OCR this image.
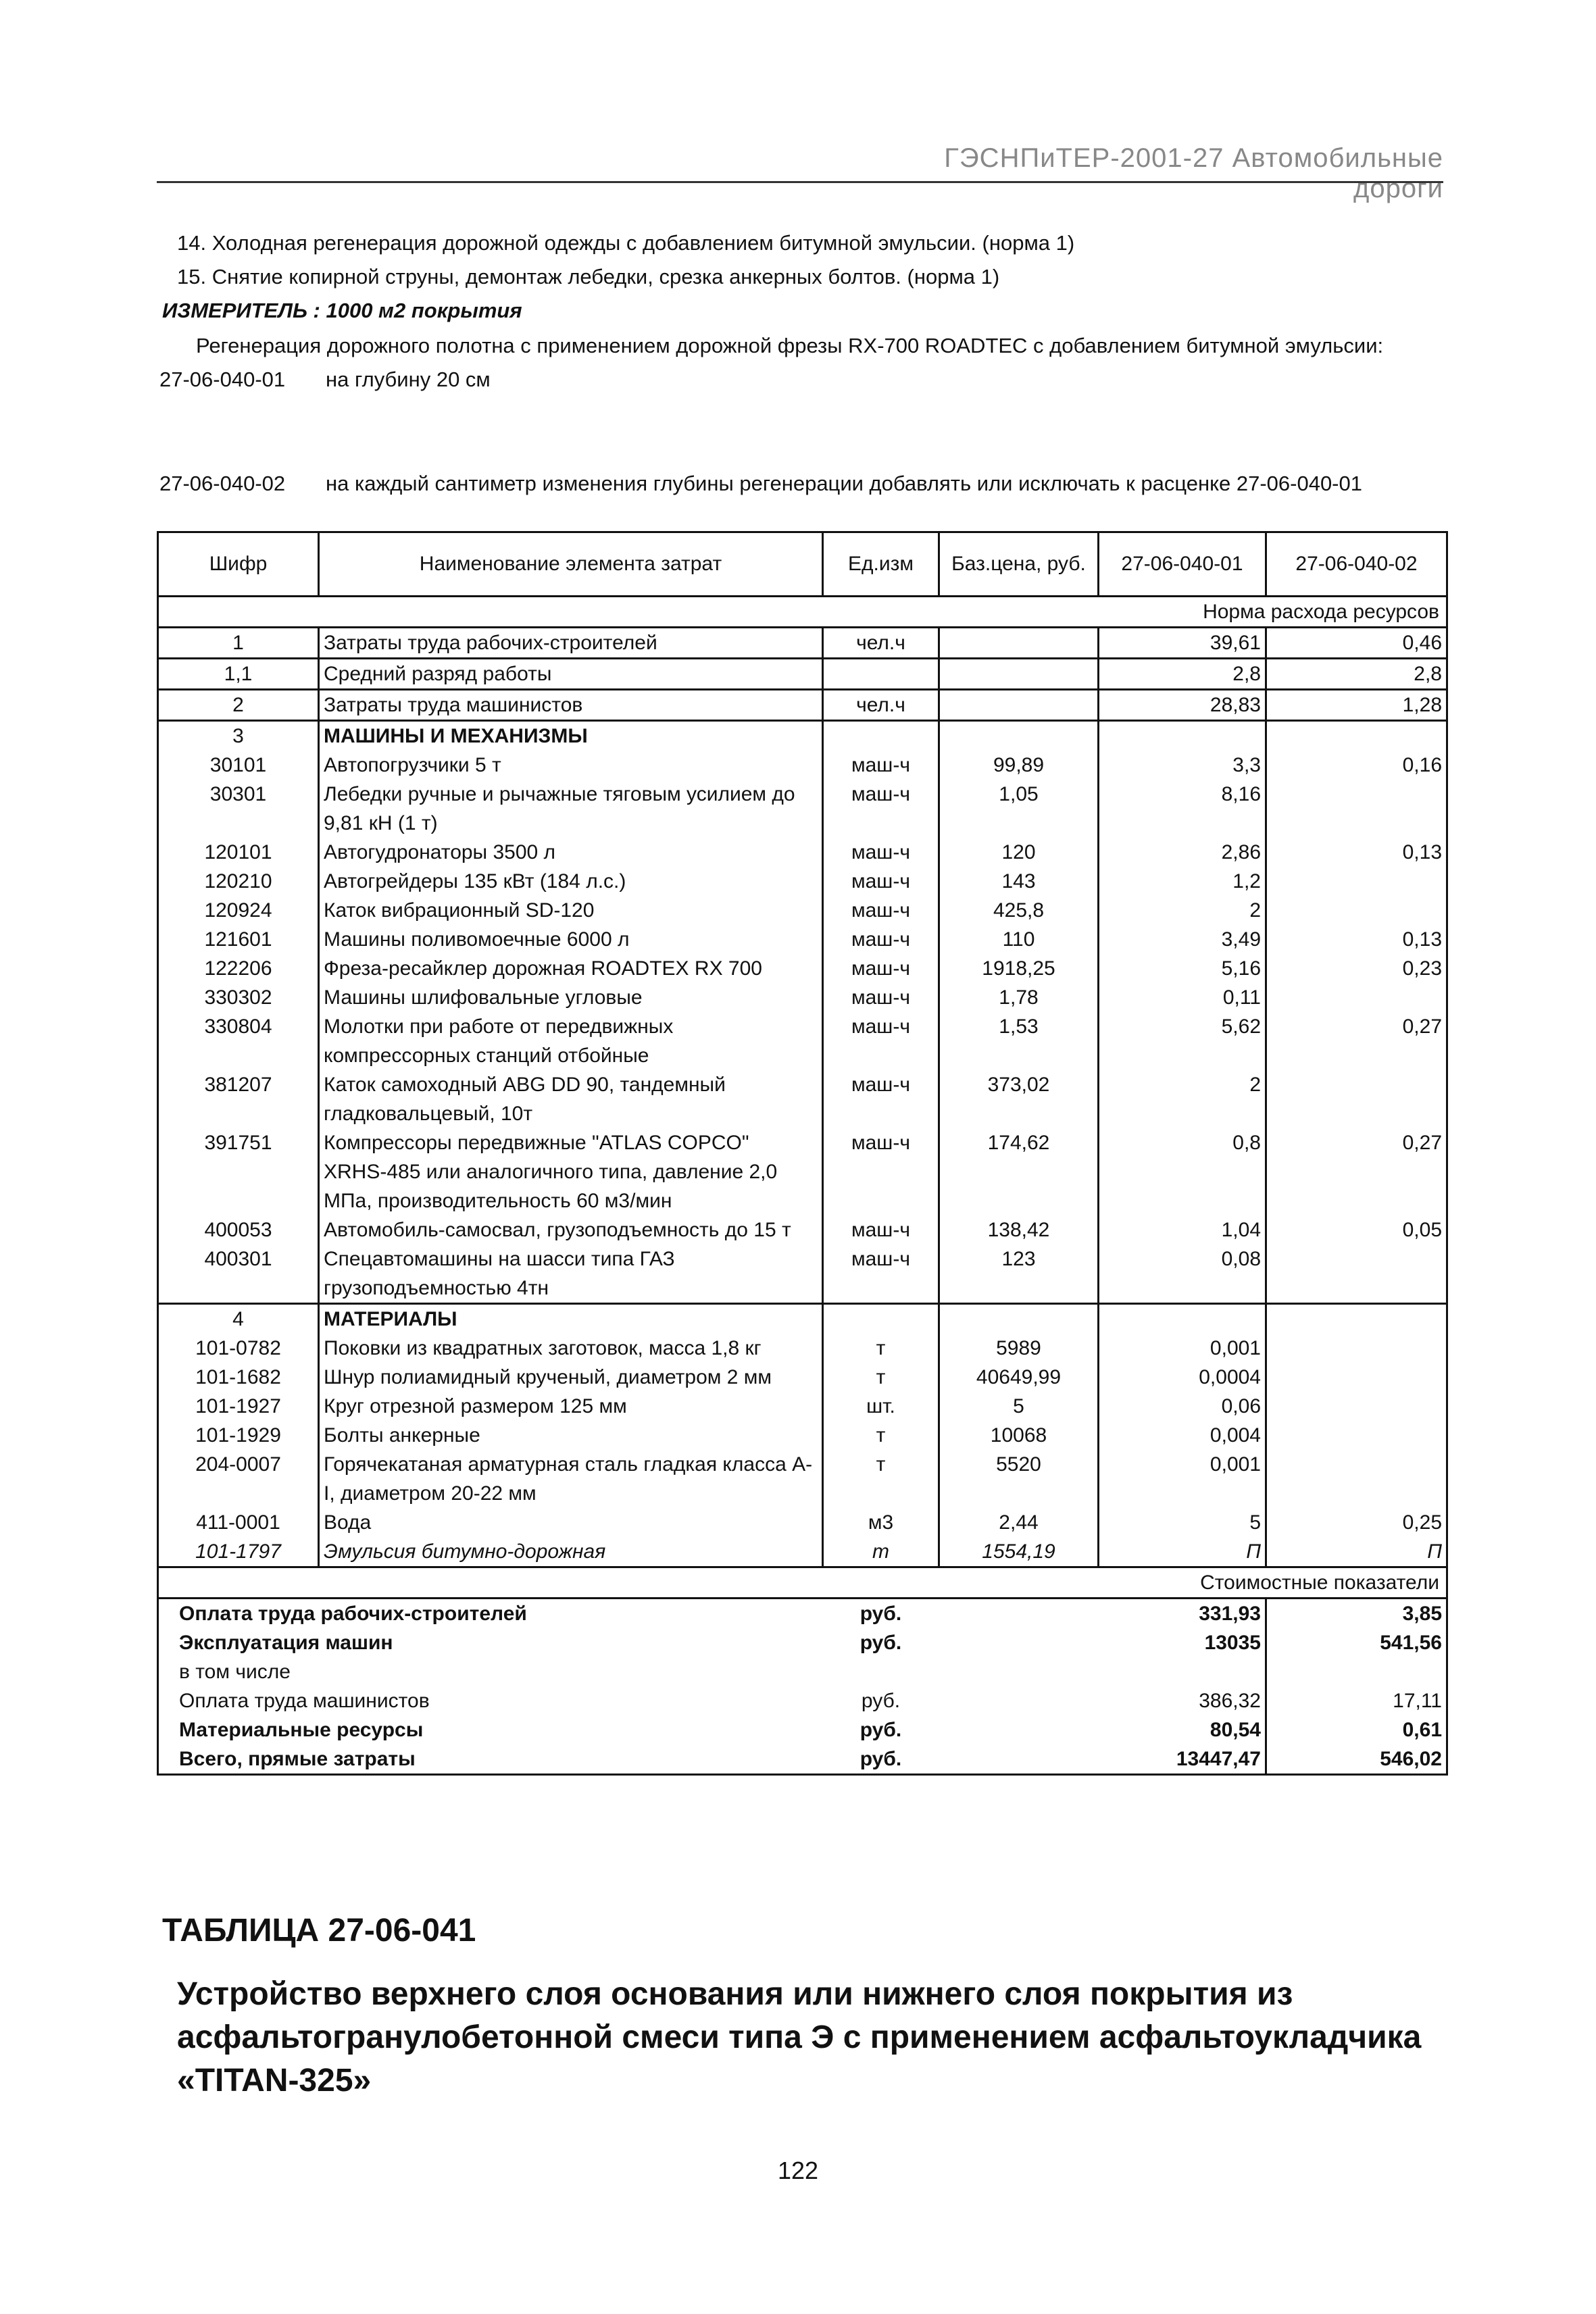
ГЭСНПиТЕР-2001-27 Автомобильные дороги
14. Холодная регенерация дорожной одежды с добавлением битумной эмульсии. (норма 1)
15. Снятие копирной струны, демонтаж лебедки, срезка анкерных болтов. (норма 1)
ИЗМЕРИТЕЛЬ : 1000 м2 покрытия
Регенерация дорожного полотна с применением дорожной фрезы RX-700 ROADTEC с добавлением битумной эмульсии:
27-06-040-01 на глубину 20 см
27-06-040-02 на каждый сантиметр изменения глубины регенерации добавлять или исключать к расценке 27-06-040-01
Шифр	Наименование элемента затрат	Ед.изм	Баз.цена, руб.	27-06-040-01	27-06-040-02
Норма расхода ресурсов					
1	Затраты труда рабочих-строителей	чел.ч		39,61	0,46
1,1	Средний разряд работы			2,8	2,8
2	Затраты труда машинистов	чел.ч		28,83	1,28
3	МАШИНЫ И МЕХАНИЗМЫ				
30101	Автопогрузчики 5 т	маш-ч	99,89	3,3	0,16
30301	Лебедки ручные и рычажные тяговым усилием до 9,81 кН (1 т)	маш-ч	1,05	8,16	
120101	Автогудронаторы 3500 л	маш-ч	120	2,86	0,13
120210	Автогрейдеры 135 кВт (184 л.с.)	маш-ч	143	1,2	
120924	Каток вибрационный SD-120	маш-ч	425,8	2	
121601	Машины поливомоечные 6000 л	маш-ч	110	3,49	0,13
122206	Фреза-ресайклер дорожная ROADTEX RX 700	маш-ч	1918,25	5,16	0,23
330302	Машины шлифовальные угловые	маш-ч	1,78	0,11	
330804	Молотки при работе от передвижных компрессорных станций отбойные	маш-ч	1,53	5,62	0,27
381207	Каток самоходный ABG DD 90, тандемный гладковальцевый, 10т	маш-ч	373,02	2	
391751	Компрессоры передвижные "ATLAS COPCO" XRHS-485 или аналогичного типа, давление 2,0 МПа, производительность 60 м3/мин	маш-ч	174,62	0,8	0,27
400053	Автомобиль-самосвал, грузоподъемность до 15 т	маш-ч	138,42	1,04	0,05
400301	Спецавтомашины на шасси типа ГАЗ грузоподъемностью 4тн	маш-ч	123	0,08	
4	МАТЕРИАЛЫ				
101-0782	Поковки из квадратных заготовок, масса 1,8 кг	т	5989	0,001	
101-1682	Шнур полиамидный крученый, диаметром 2 мм	т	40649,99	0,0004	
101-1927	Круг отрезной размером 125 мм	шт.	5	0,06	
101-1929	Болты анкерные	т	10068	0,004	
204-0007	Горячекатаная арматурная сталь гладкая класса А-I, диаметром 20-22 мм	т	5520	0,001	
411-0001	Вода	м3	2,44	5	0,25
101-1797	Эмульсия битумно-дорожная	т	1554,19	П	П
Стоимостные показатели					
Оплата труда рабочих-строителей		руб.		331,93	3,85
Эксплуатация машин		руб.		13035	541,56
в том числе					
Оплата труда машинистов		руб.		386,32	17,11
Материальные ресурсы		руб.		80,54	0,61
Всего, прямые затраты		руб.		13447,47	546,02
ТАБЛИЦА 27-06-041
Устройство верхнего слоя основания или нижнего слоя покрытия из асфальтогранулобетонной смеси типа Э с применением асфальтоукладчика «TITAN-325»
122
